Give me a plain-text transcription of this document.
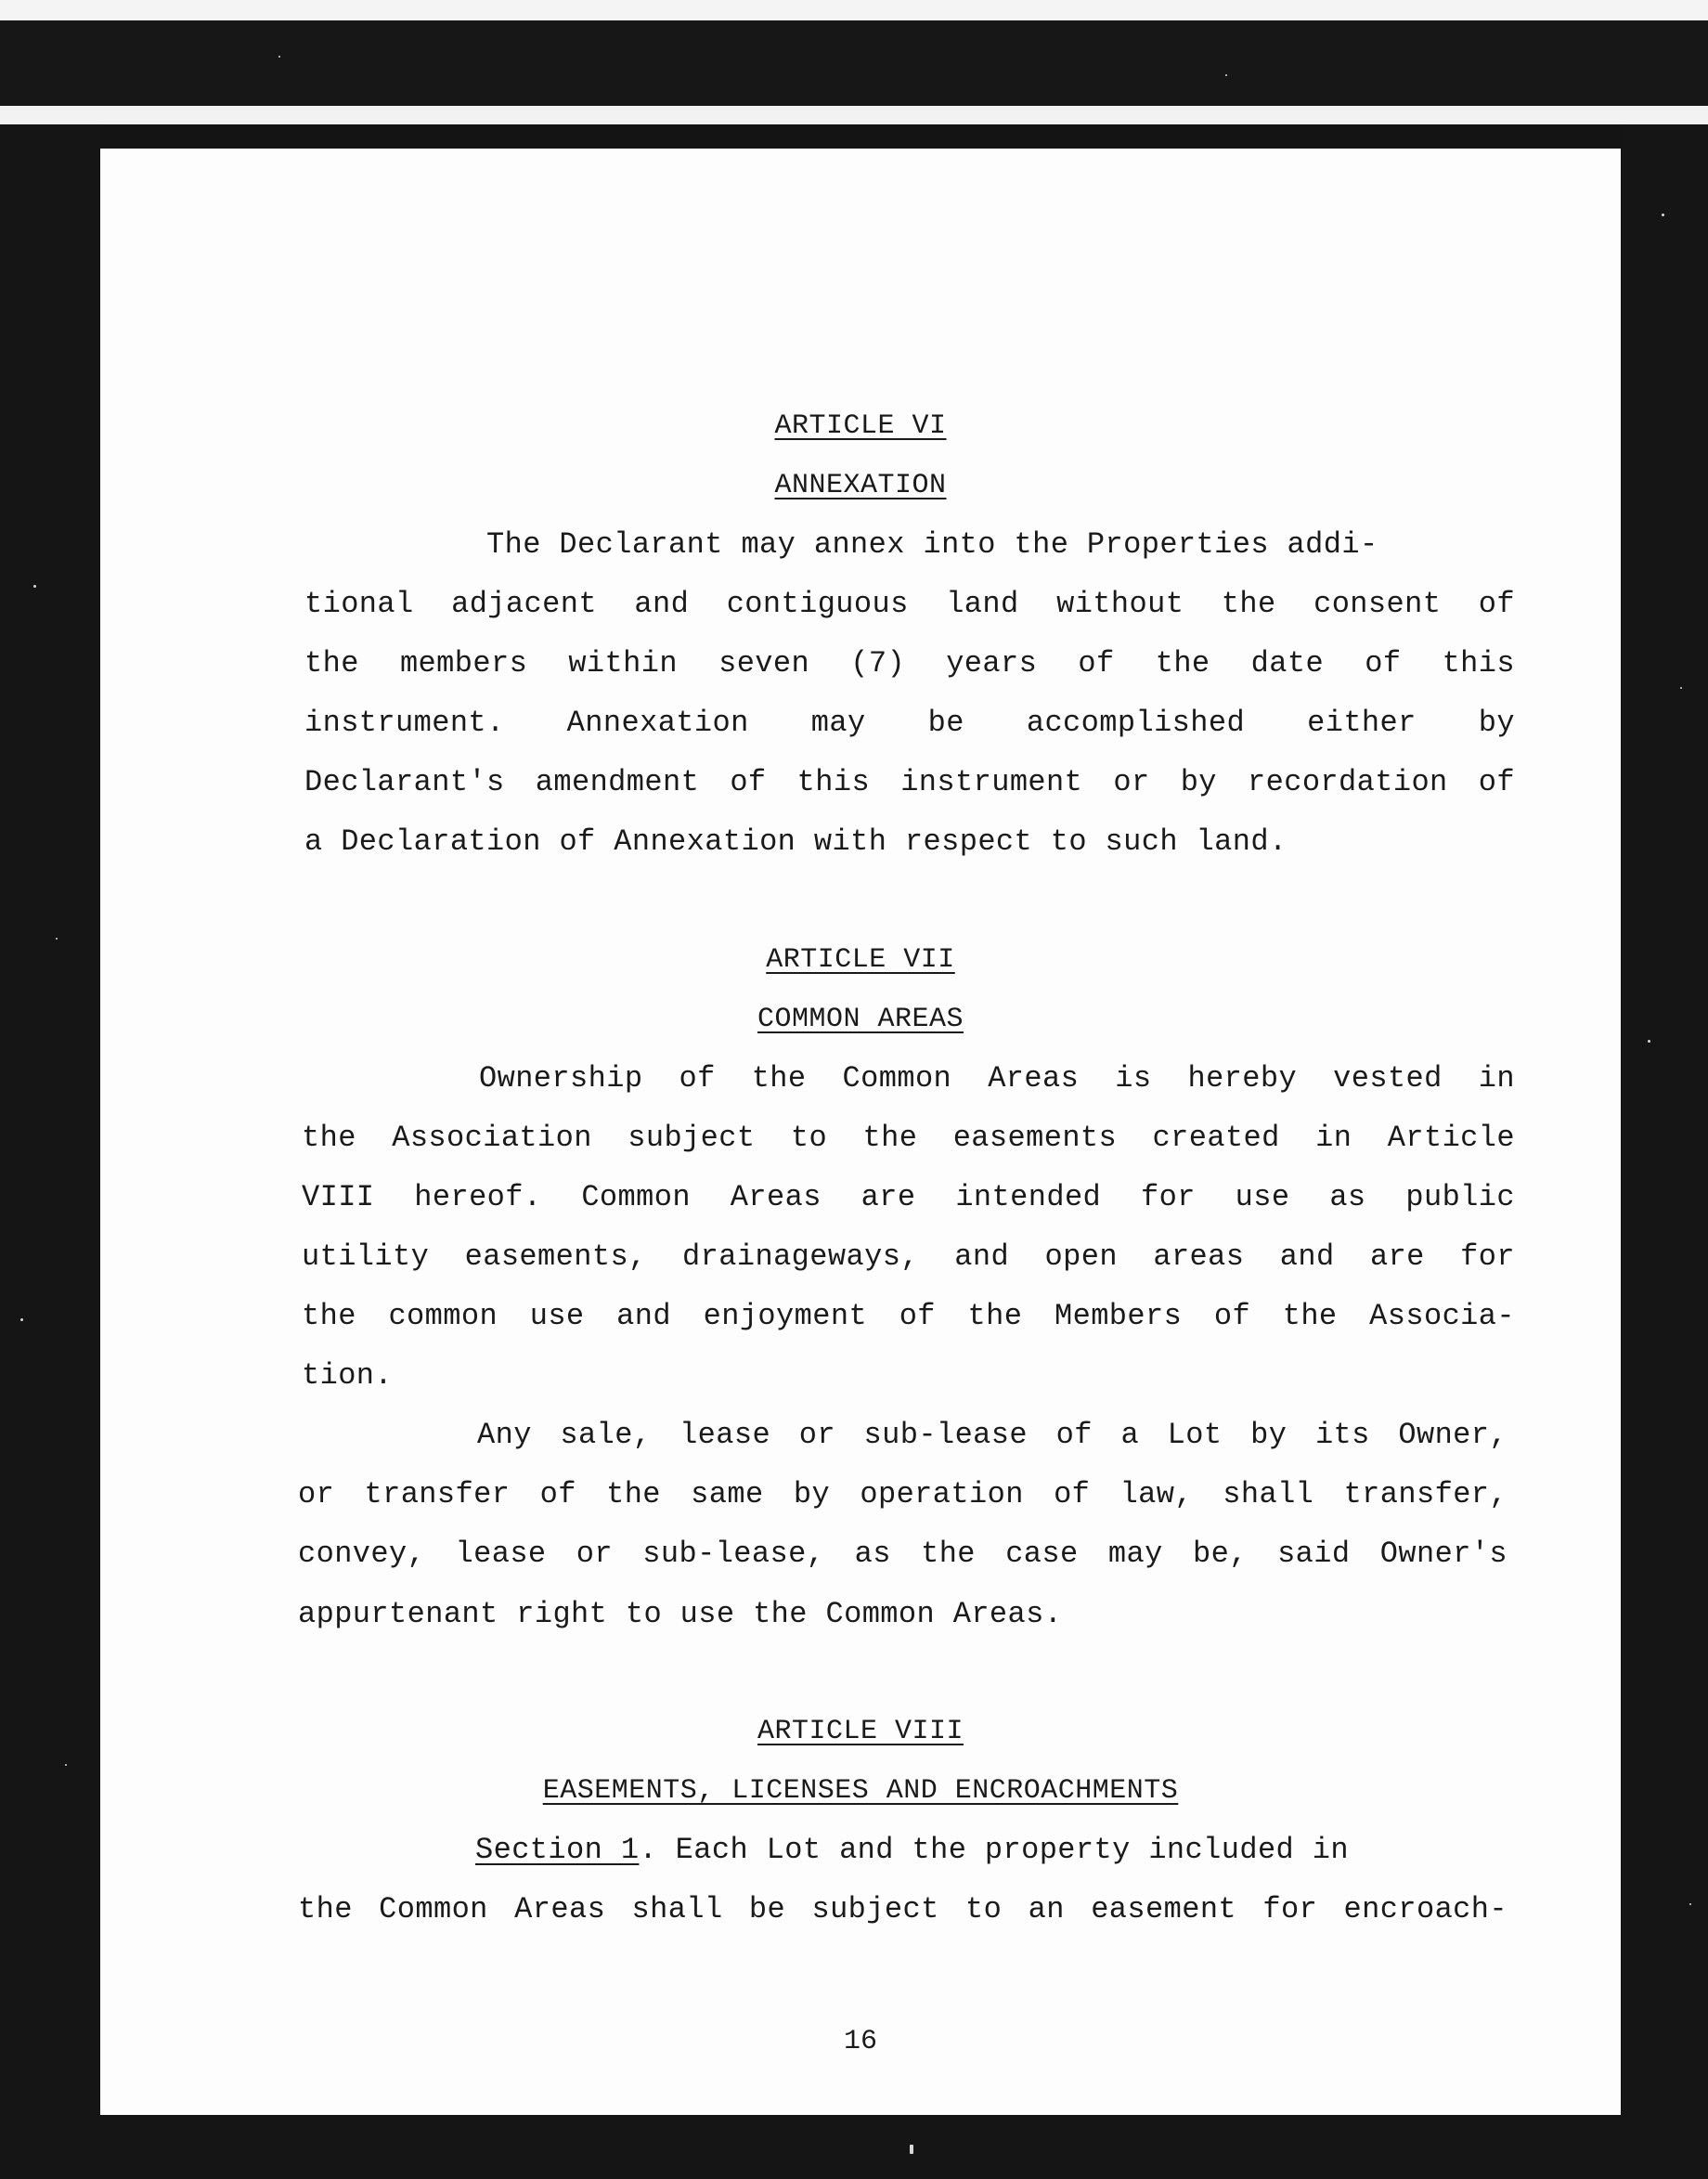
ARTICLE VI
ANNEXATION
The Declarant may annex into the Properties addi-
tional adjacent and contiguous land without the consent of
the members within seven (7) years of the date of this
instrument. Annexation may be accomplished either by
Declarant's amendment of this instrument or by recordation of
a Declaration of Annexation with respect to such land.
ARTICLE VII
COMMON AREAS
Ownership of the Common Areas is hereby vested in
the Association subject to the easements created in Article
VIII hereof. Common Areas are intended for use as public
utility easements, drainageways, and open areas and are for
the common use and enjoyment of the Members of the Associa-
tion.
Any sale, lease or sub-lease of a Lot by its Owner,
or transfer of the same by operation of law, shall transfer,
convey, lease or sub-lease, as the case may be, said Owner's
appurtenant right to use the Common Areas.
ARTICLE VIII
EASEMENTS, LICENSES AND ENCROACHMENTS
Section 1. Each Lot and the property included in
the Common Areas shall be subject to an easement for encroach-
16
